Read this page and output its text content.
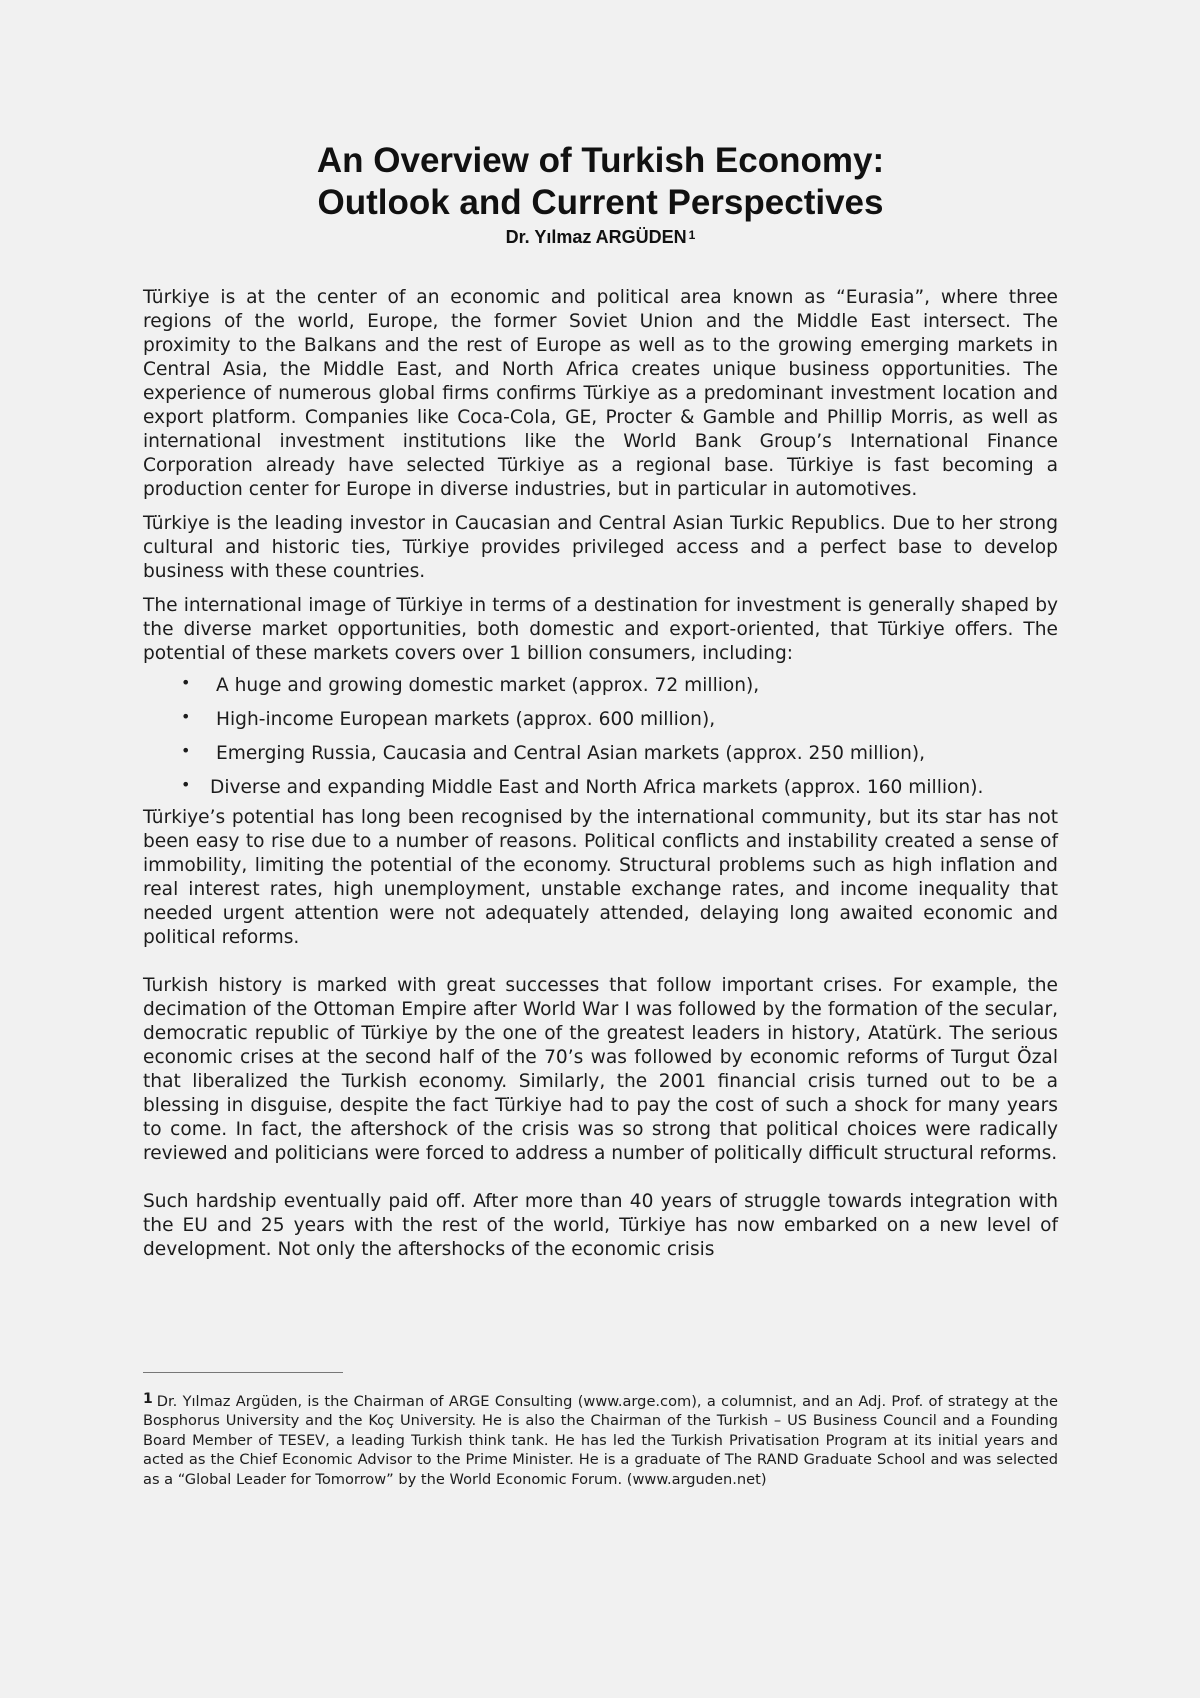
An Overview of Turkish Economy:
Outlook and Current Perspectives

Dr. Yılmaz ARGÜDEN $^1$

Türkiye is at the center of an economic and political area known as “Eurasia”, where three regions of the world, Europe, the former Soviet Union and the Middle East intersect. The proximity to the Balkans and the rest of Europe as well as to the growing emerging markets in Central Asia, the Middle East, and North Africa creates unique business opportunities. The experience of numerous global firms confirms Türkiye as a predominant investment location and export platform. Companies like Coca-Cola, GE, Procter & Gamble and Phillip Morris, as well as international investment institutions like the World Bank Group’s International Finance Corporation already have selected Türkiye as a regional base. Türkiye is fast becoming a production center for Europe in diverse industries, but in particular in automotives.

Türkiye is the leading investor in Caucasian and Central Asian Turkic Republics. Due to her strong cultural and historic ties, Türkiye provides privileged access and a perfect base to develop business with these countries.

The international image of Türkiye in terms of a destination for investment is generally shaped by the diverse market opportunities, both domestic and export-oriented, that Türkiye offers. The potential of these markets covers over 1 billion consumers, including:

• A huge and growing domestic market (approx. 72 million),
• High-income European markets (approx. 600 million),
• Emerging Russia, Caucasia and Central Asian markets (approx. 250 million),
• Diverse and expanding Middle East and North Africa markets (approx. 160 million).

Türkiye’s potential has long been recognised by the international community, but its star has not been easy to rise due to a number of reasons. Political conflicts and instability created a sense of immobility, limiting the potential of the economy. Structural problems such as high inflation and real interest rates, high unemployment, unstable exchange rates, and income inequality that needed urgent attention were not adequately attended, delaying long awaited economic and political reforms.

Turkish history is marked with great successes that follow important crises. For example, the decimation of the Ottoman Empire after World War I was followed by the formation of the secular, democratic republic of Türkiye by the one of the greatest leaders in history, Atatürk. The serious economic crises at the second half of the 70’s was followed by economic reforms of Turgut Özal that liberalized the Turkish economy. Similarly, the 2001 financial crisis turned out to be a blessing in disguise, despite the fact Türkiye had to pay the cost of such a shock for many years to come. In fact, the aftershock of the crisis was so strong that political choices were radically reviewed and politicians were forced to address a number of politically difficult structural reforms.

Such hardship eventually paid off. After more than 40 years of struggle towards integration with the EU and 25 years with the rest of the world, Türkiye has now embarked on a new level of development. Not only the aftershocks of the economic crisis

1 Dr. Yılmaz Argüden, is the Chairman of ARGE Consulting (www.arge.com), a columnist, and an Adj. Prof. of strategy at the Bosphorus University and the Koç University. He is also the Chairman of the Turkish – US Business Council and a Founding Board Member of TESEV, a leading Turkish think tank. He has led the Turkish Privatisation Program at its initial years and acted as the Chief Economic Advisor to the Prime Minister. He is a graduate of The RAND Graduate School and was selected as a “Global Leader for Tomorrow” by the World Economic Forum. (www.arguden.net)
